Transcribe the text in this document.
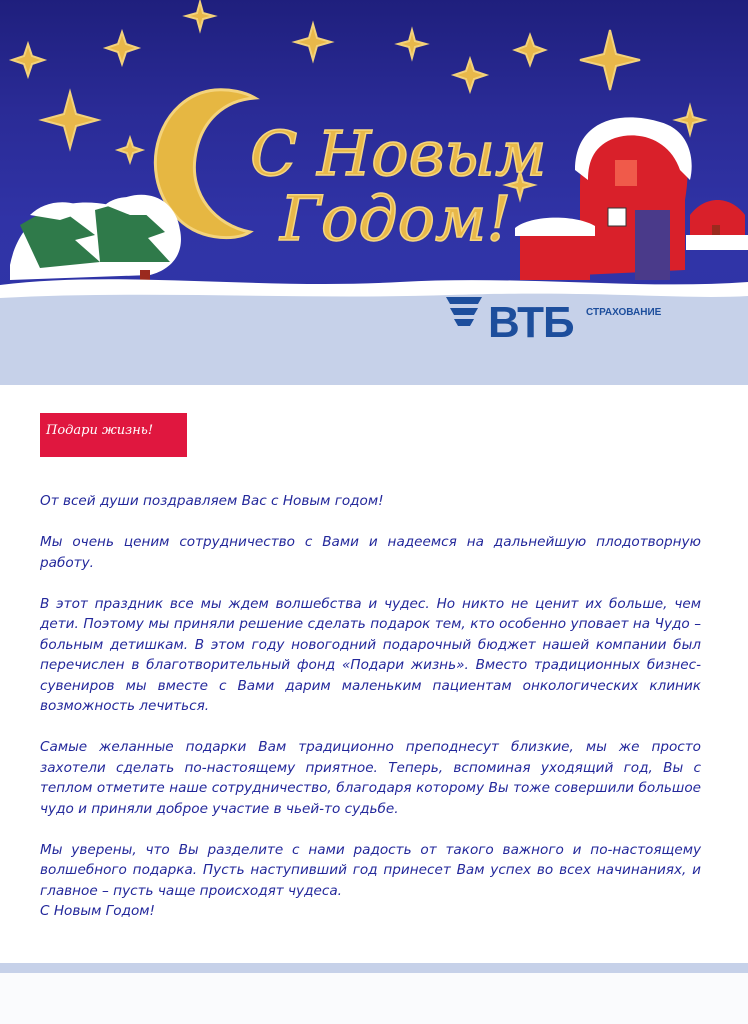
С Новым
Годом!
ВТБ СТРАХОВАНИЕ
Подари жизнь!

От всей души поздравляем Вас с Новым годом!

Мы очень ценим сотрудничество с Вами и надеемся на дальнейшую плодотворную работу.

В этот праздник все мы ждем волшебства и чудес. Но никто не ценит их больше, чем дети. Поэтому мы приняли решение сделать подарок тем, кто особенно уповает на Чудо – больным детишкам. В этом году новогодний подарочный бюджет нашей компании был перечислен в благотворительный фонд «Подари жизнь». Вместо традиционных бизнес-сувениров мы вместе с Вами дарим маленьким пациентам онкологических клиник возможность лечиться.

Самые желанные подарки Вам традиционно преподнесут близкие, мы же просто захотели сделать по-настоящему приятное. Теперь, вспоминая уходящий год, Вы с теплом отметите наше сотрудничество, благодаря которому Вы тоже совершили большое чудо и приняли доброе участие в чьей-то судьбе.

Мы уверены, что Вы разделите с нами радость от такого важного и по-настоящему волшебного подарка. Пусть наступивший год принесет Вам успех во всех начинаниях, и главное – пусть чаще происходят чудеса.

С Новым Годом!
